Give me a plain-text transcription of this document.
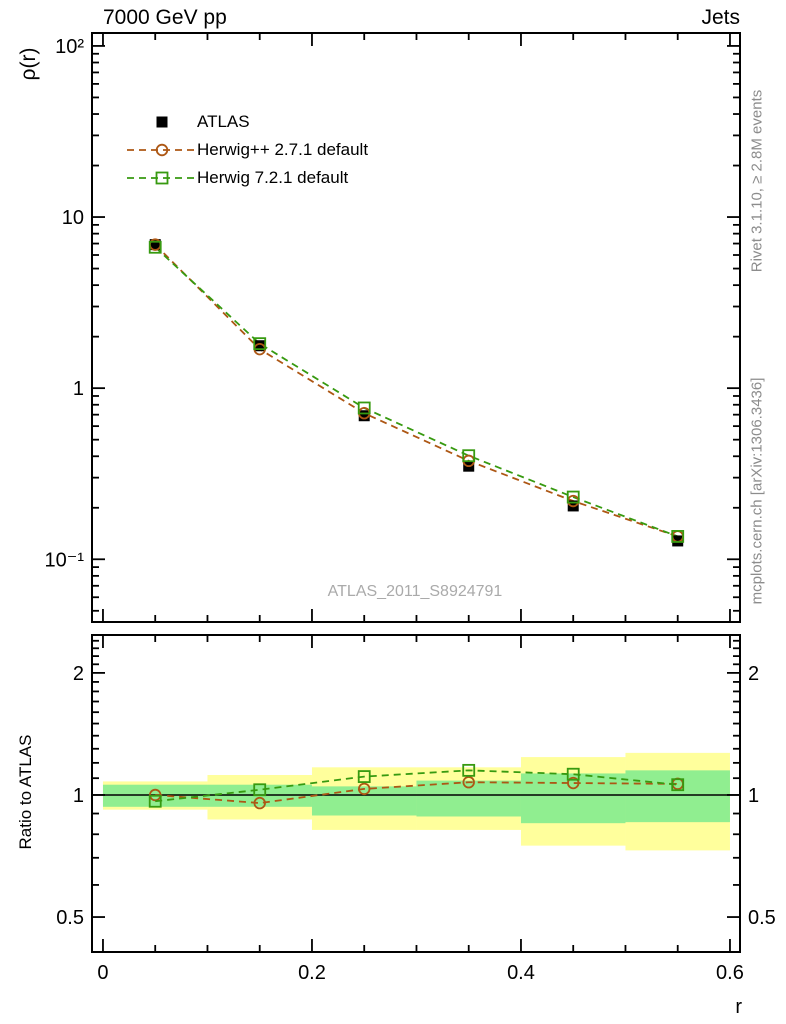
0	0.2	0.4	0.6
10⁻¹
1
10
10²
0.5	0.5
1	1
2	2
7000 GeV pp	Jets
ρ(r)
Ratio to ATLAS
r
Rivet 3.1.10, ≥ 2.8M events
mcplots.cern.ch [arXiv:1306.3436]
ATLAS_2011_S8924791
ATLAS
Herwig++ 2.7.1 default
Herwig 7.2.1 default
